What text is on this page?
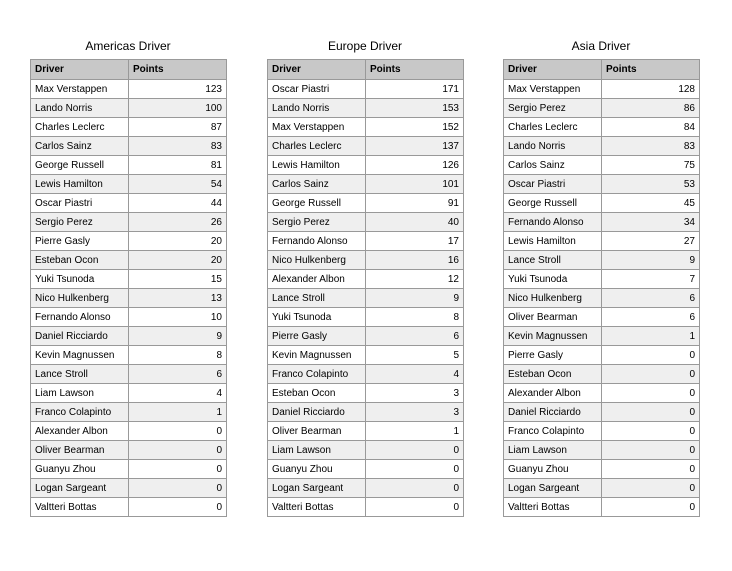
Americas Driver
Driver	Points
Max Verstappen	123
Lando Norris	100
Charles Leclerc	87
Carlos Sainz	83
George Russell	81
Lewis Hamilton	54
Oscar Piastri	44
Sergio Perez	26
Pierre Gasly	20
Esteban Ocon	20
Yuki Tsunoda	15
Nico Hulkenberg	13
Fernando Alonso	10
Daniel Ricciardo	9
Kevin Magnussen	8
Lance Stroll	6
Liam Lawson	4
Franco Colapinto	1
Alexander Albon	0
Oliver Bearman	0
Guanyu Zhou	0
Logan Sargeant	0
Valtteri Bottas	0
Europe Driver
Driver	Points
Oscar Piastri	171
Lando Norris	153
Max Verstappen	152
Charles Leclerc	137
Lewis Hamilton	126
Carlos Sainz	101
George Russell	91
Sergio Perez	40
Fernando Alonso	17
Nico Hulkenberg	16
Alexander Albon	12
Lance Stroll	9
Yuki Tsunoda	8
Pierre Gasly	6
Kevin Magnussen	5
Franco Colapinto	4
Esteban Ocon	3
Daniel Ricciardo	3
Oliver Bearman	1
Liam Lawson	0
Guanyu Zhou	0
Logan Sargeant	0
Valtteri Bottas	0
Asia Driver
Driver	Points
Max Verstappen	128
Sergio Perez	86
Charles Leclerc	84
Lando Norris	83
Carlos Sainz	75
Oscar Piastri	53
George Russell	45
Fernando Alonso	34
Lewis Hamilton	27
Lance Stroll	9
Yuki Tsunoda	7
Nico Hulkenberg	6
Oliver Bearman	6
Kevin Magnussen	1
Pierre Gasly	0
Esteban Ocon	0
Alexander Albon	0
Daniel Ricciardo	0
Franco Colapinto	0
Liam Lawson	0
Guanyu Zhou	0
Logan Sargeant	0
Valtteri Bottas	0
